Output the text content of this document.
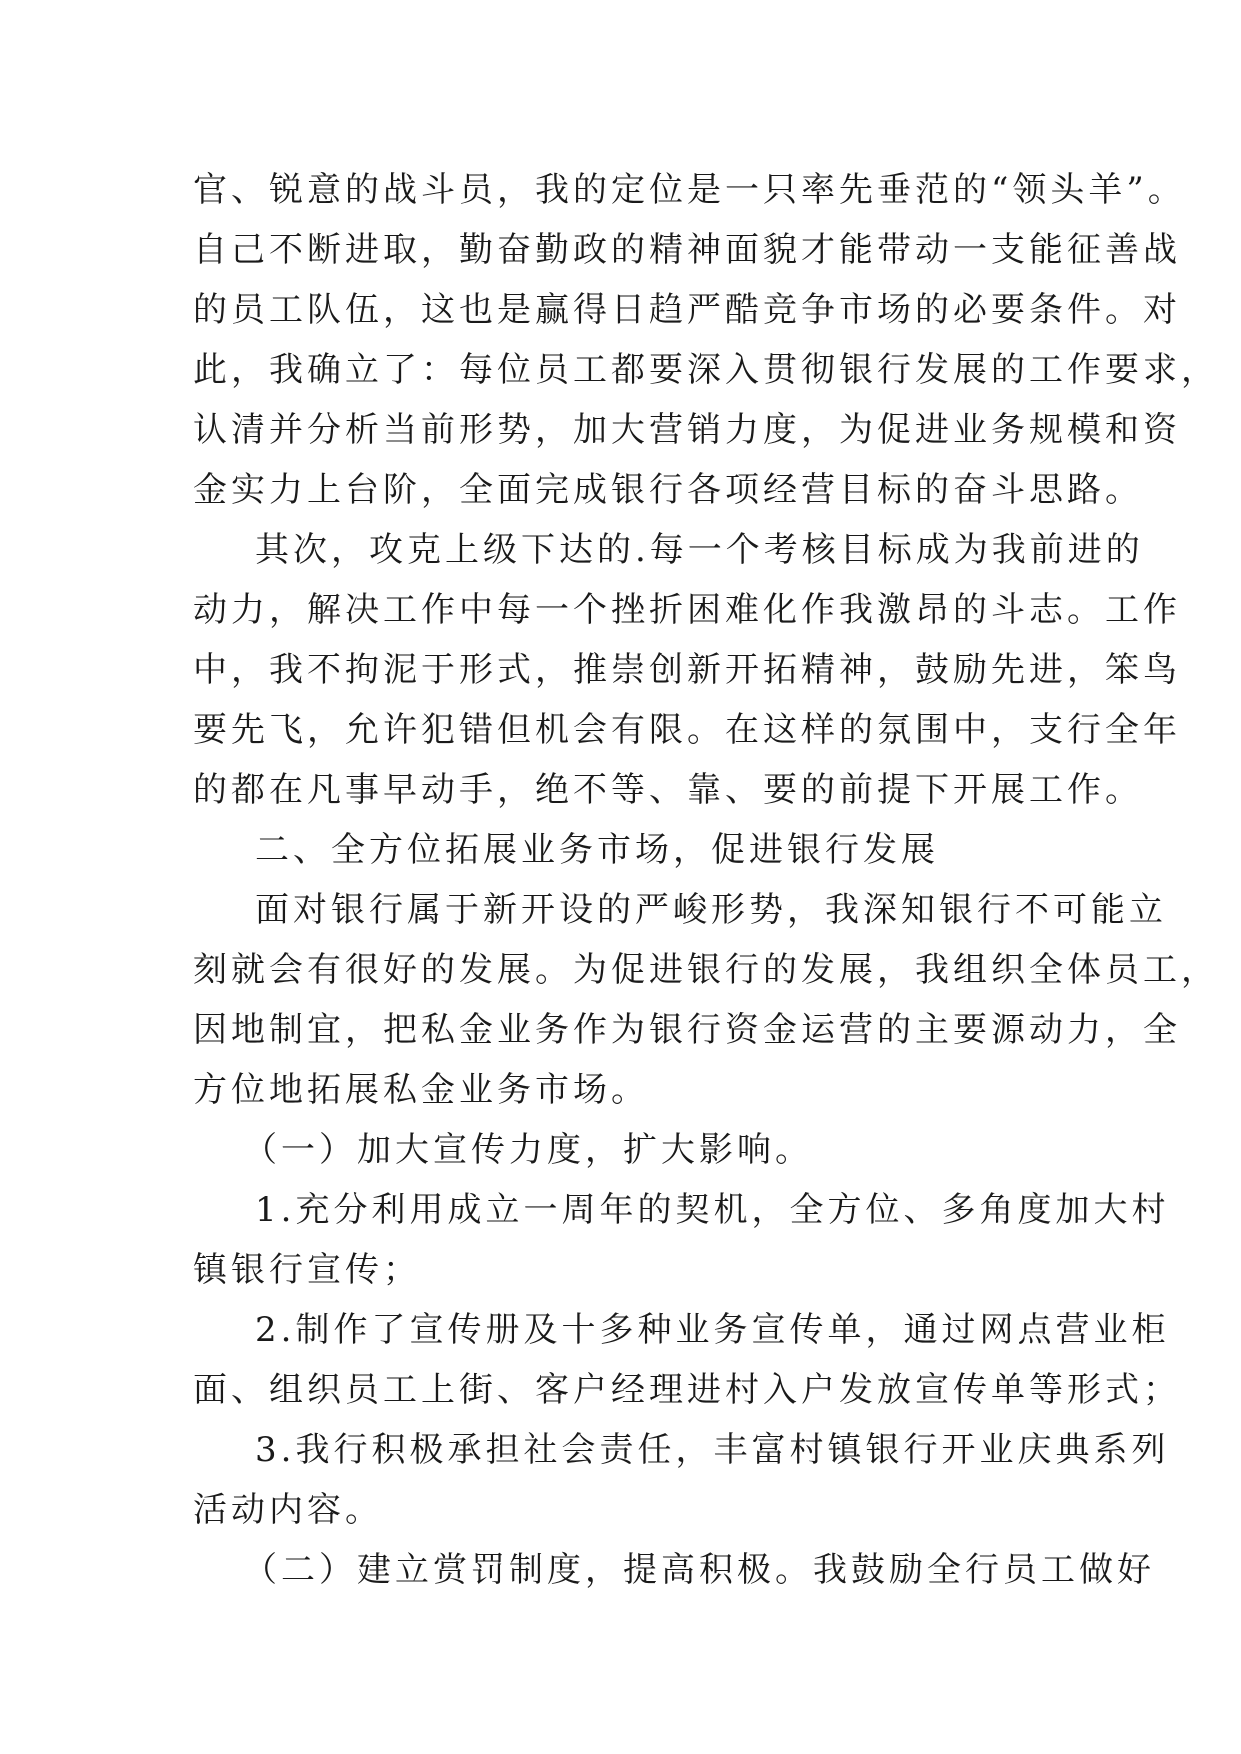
官、锐意的战斗员，我的定位是一只率先垂范的“领头羊”。
自己不断进取，勤奋勤政的精神面貌才能带动一支能征善战
的员工队伍，这也是赢得日趋严酷竞争市场的必要条件。对
此，我确立了：每位员工都要深入贯彻银行发展的工作要求，
认清并分析当前形势，加大营销力度，为促进业务规模和资
金实力上台阶，全面完成银行各项经营目标的奋斗思路。
其次，攻克上级下达的.每一个考核目标成为我前进的
动力，解决工作中每一个挫折困难化作我激昂的斗志。工作
中，我不拘泥于形式，推崇创新开拓精神，鼓励先进，笨鸟
要先飞，允许犯错但机会有限。在这样的氛围中，支行全年
的都在凡事早动手，绝不等、靠、要的前提下开展工作。
二、全方位拓展业务市场，促进银行发展
面对银行属于新开设的严峻形势，我深知银行不可能立
刻就会有很好的发展。为促进银行的发展，我组织全体员工，
因地制宜，把私金业务作为银行资金运营的主要源动力，全
方位地拓展私金业务市场。
（一）加大宣传力度，扩大影响。
1.充分利用成立一周年的契机，全方位、多角度加大村
镇银行宣传；
2.制作了宣传册及十多种业务宣传单，通过网点营业柜
面、组织员工上街、客户经理进村入户发放宣传单等形式；
3.我行积极承担社会责任，丰富村镇银行开业庆典系列
活动内容。
（二）建立赏罚制度，提高积极。我鼓励全行员工做好
